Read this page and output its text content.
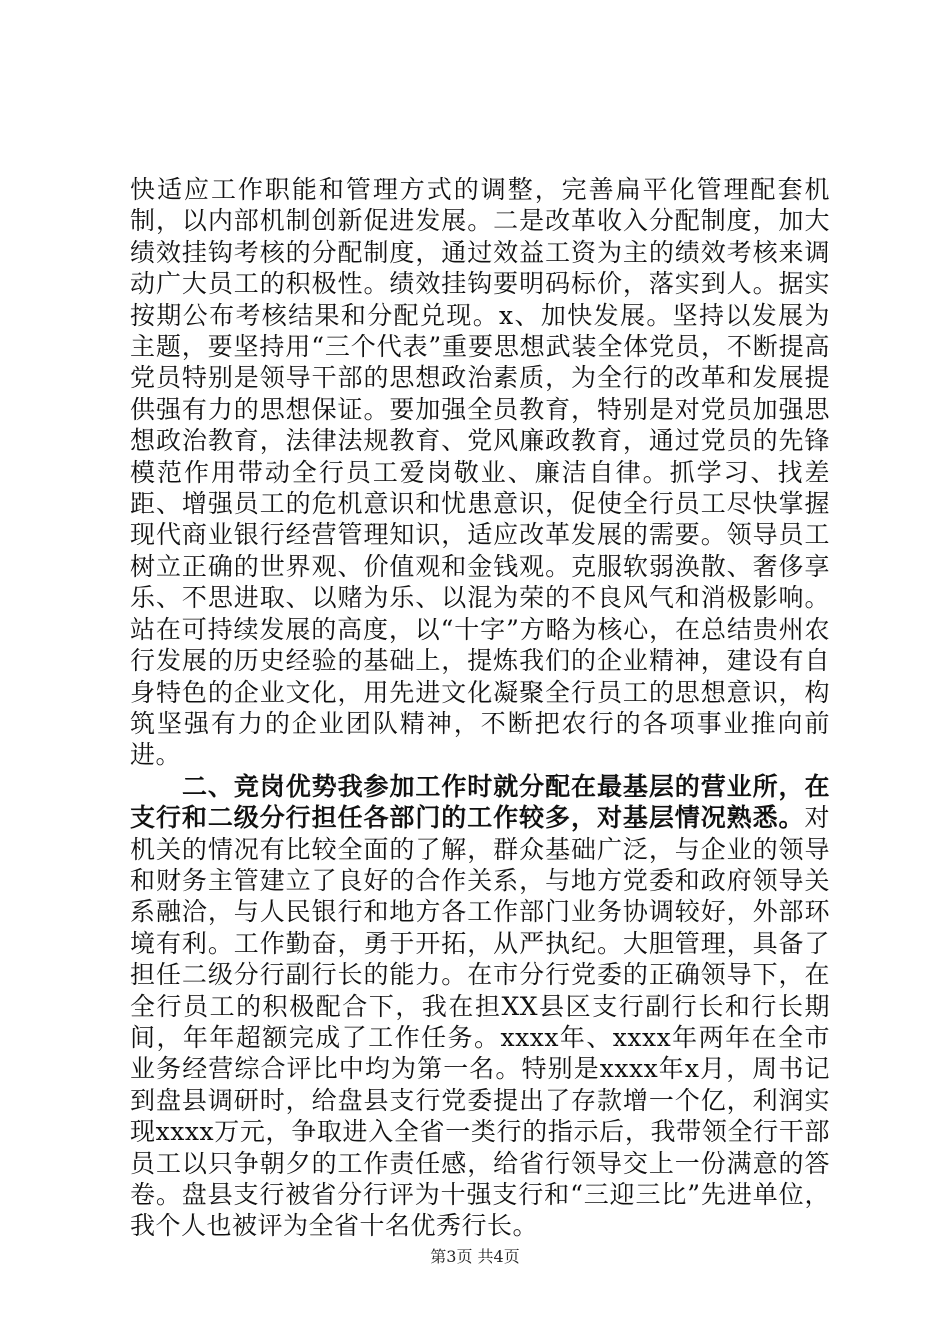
快适应工作职能和管理方式的调整，完善扁平化管理配套机制，以内部机制创新促进发展。二是改革收入分配制度，加大绩效挂钩考核的分配制度，通过效益工资为主的绩效考核来调动广大员工的积极性。绩效挂钩要明码标价，落实到人。据实按期公布考核结果和分配兑现。x、加快发展。坚持以发展为主题，要坚持用“三个代表”重要思想武装全体党员，不断提高党员特别是领导干部的思想政治素质，为全行的改革和发展提供强有力的思想保证。要加强全员教育，特别是对党员加强思想政治教育，法律法规教育、党风廉政教育，通过党员的先锋模范作用带动全行员工爱岗敬业、廉洁自律。抓学习、找差距、增强员工的危机意识和忧患意识，促使全行员工尽快掌握现代商业银行经营管理知识，适应改革发展的需要。领导员工树立正确的世界观、价值观和金钱观。克服软弱涣散、奢侈享乐、不思进取、以赌为乐、以混为荣的不良风气和消极影响。站在可持续发展的高度，以“十字”方略为核心，在总结贵州农行发展的历史经验的基础上，提炼我们的企业精神，建设有自身特色的企业文化，用先进文化凝聚全行员工的思想意识，构筑坚强有力的企业团队精神，不断把农行的各项事业推向前进。

二、竞岗优势我参加工作时就分配在最基层的营业所，在支行和二级分行担任各部门的工作较多，对基层情况熟悉。对机关的情况有比较全面的了解，群众基础广泛，与企业的领导和财务主管建立了良好的合作关系，与地方党委和政府领导关系融洽，与人民银行和地方各工作部门业务协调较好，外部环境有利。工作勤奋，勇于开拓，从严执纪。大胆管理，具备了担任二级分行副行长的能力。在市分行党委的正确领导下，在全行员工的积极配合下，我在担XX县区支行副行长和行长期间，年年超额完成了工作任务。xxxx年、xxxx年两年在全市业务经营综合评比中均为第一名。特别是xxxx年x月，周书记到盘县调研时，给盘县支行党委提出了存款增一个亿，利润实现xxxx万元，争取进入全省一类行的指示后，我带领全行干部员工以只争朝夕的工作责任感，给省行领导交上一份满意的答卷。盘县支行被省分行评为十强支行和“三迎三比”先进单位，我个人也被评为全省十名优秀行长。

第3页 共4页
